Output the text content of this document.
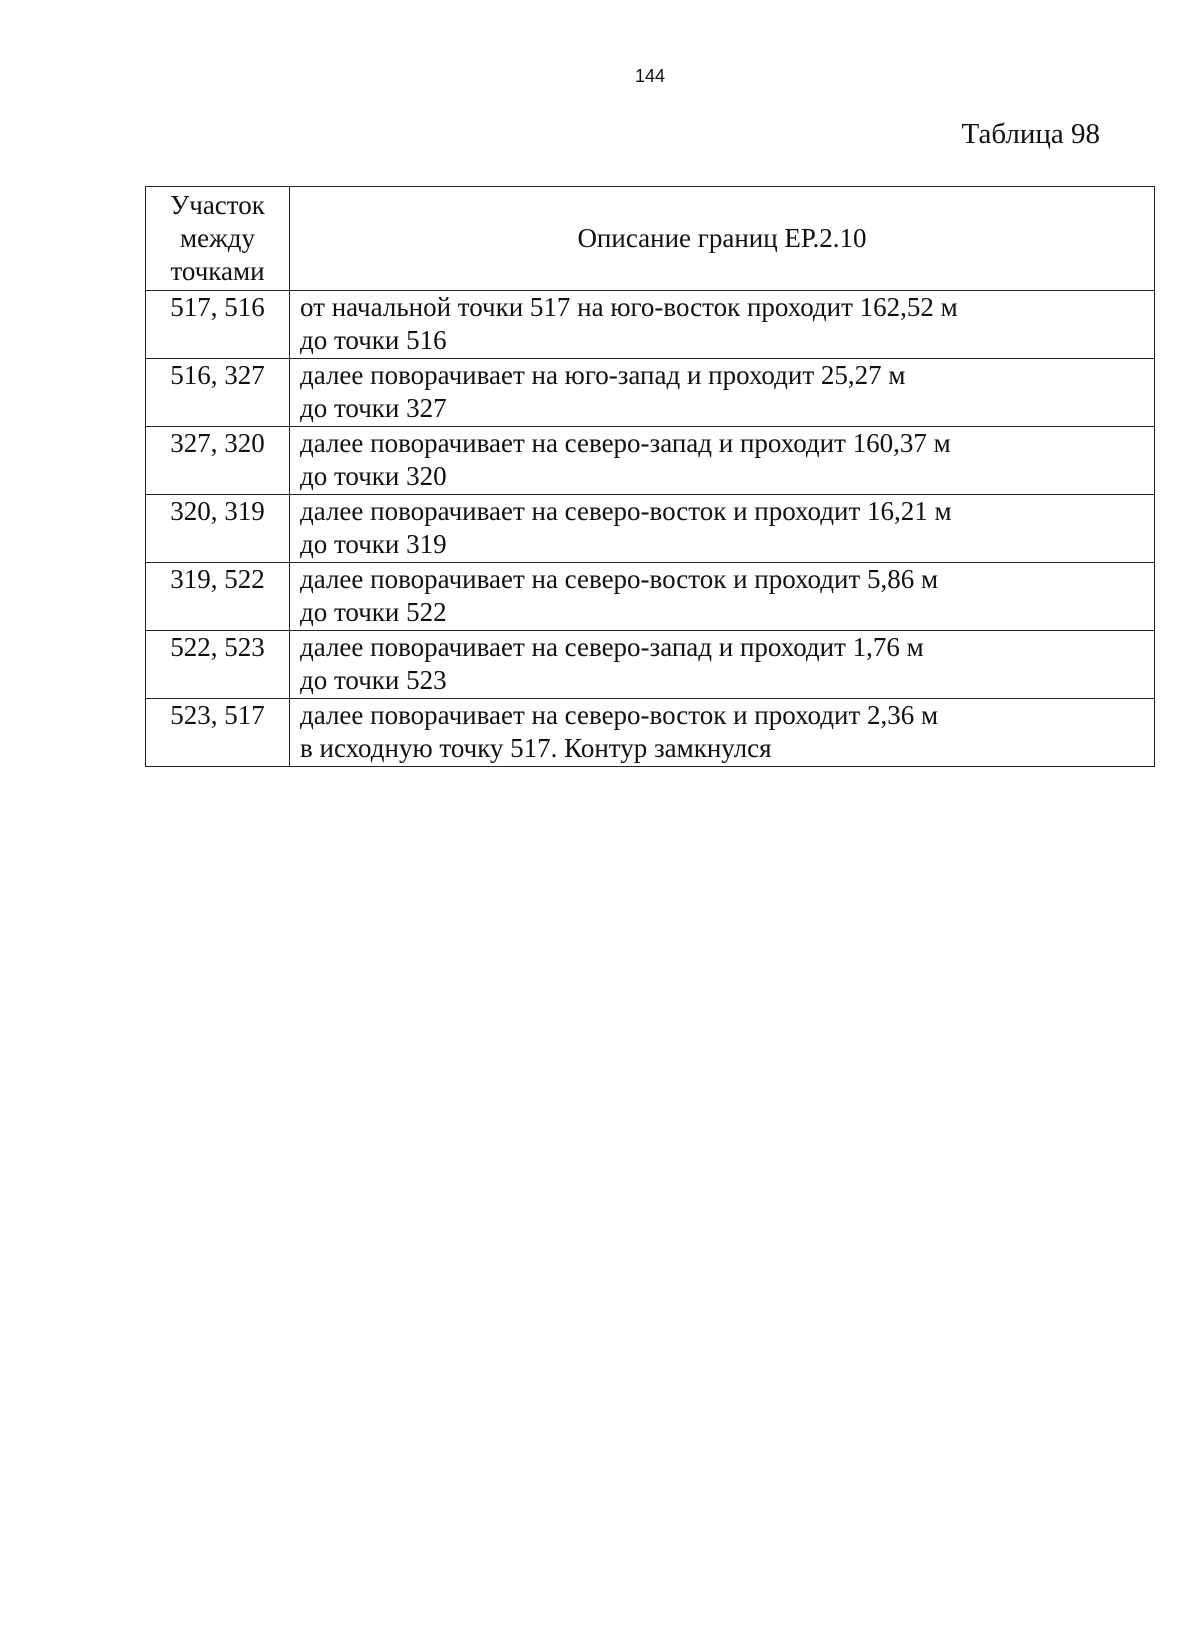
144
Таблица 98
Участок
между
точками	Описание границ ЕР.2.10
517, 516	от начальной точки 517 на юго-восток проходит 162,52 м
до точки 516

516, 327	далее поворачивает на юго-запад и проходит 25,27 м
до точки 327

327, 320	далее поворачивает на северо-запад и проходит 160,37 м
до точки 320

320, 319	далее поворачивает на северо-восток и проходит 16,21 м
до точки 319

319, 522	далее поворачивает на северо-восток и проходит 5,86 м
до точки 522

522, 523	далее поворачивает на северо-запад и проходит 1,76 м
до точки 523

523, 517	далее поворачивает на северо-восток и проходит 2,36 м
в исходную точку 517. Контур замкнулся
